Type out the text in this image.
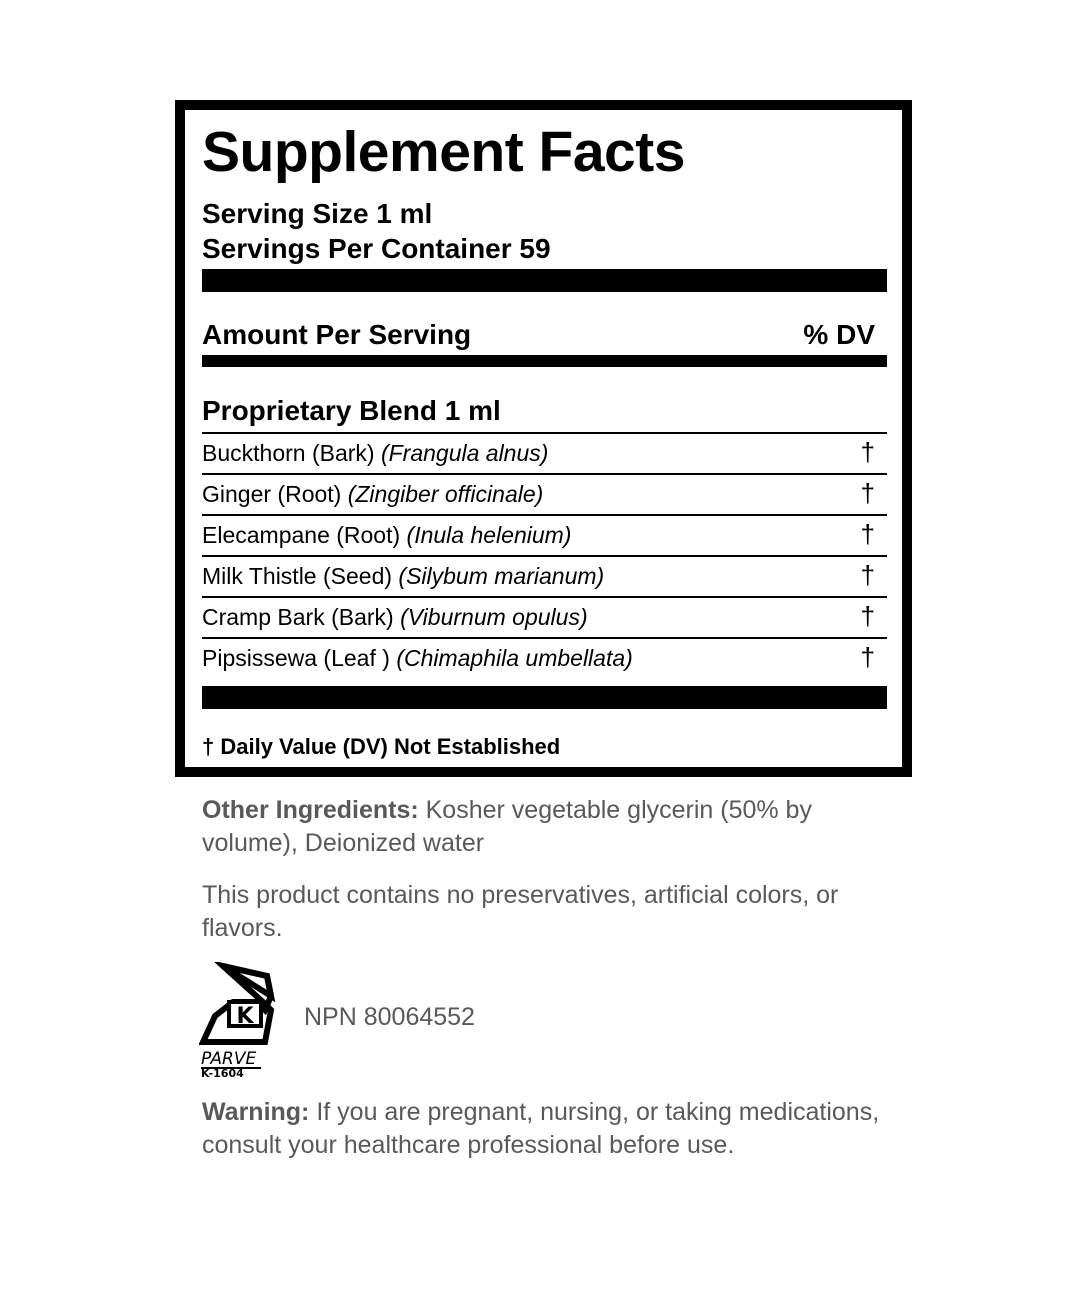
Supplement Facts
Serving Size 1 ml
Servings Per Container 59
Amount Per Serving	% DV
Proprietary Blend 1 ml
Buckthorn (Bark) (Frangula alnus)	†
Ginger (Root) (Zingiber officinale)	†
Elecampane (Root) (Inula helenium)	†
Milk Thistle (Seed) (Silybum marianum)	†
Cramp Bark (Bark) (Viburnum opulus)	†
Pipsissewa (Leaf ) (Chimaphila umbellata)	†
† Daily Value (DV) Not Established
Other Ingredients: Kosher vegetable glycerin (50% by volume), Deionized water
This product contains no preservatives, artificial colors, or flavors.
K
PARVE
K-1604
NPN 80064552
Warning: If you are pregnant, nursing, or taking medications, consult your healthcare professional before use.
